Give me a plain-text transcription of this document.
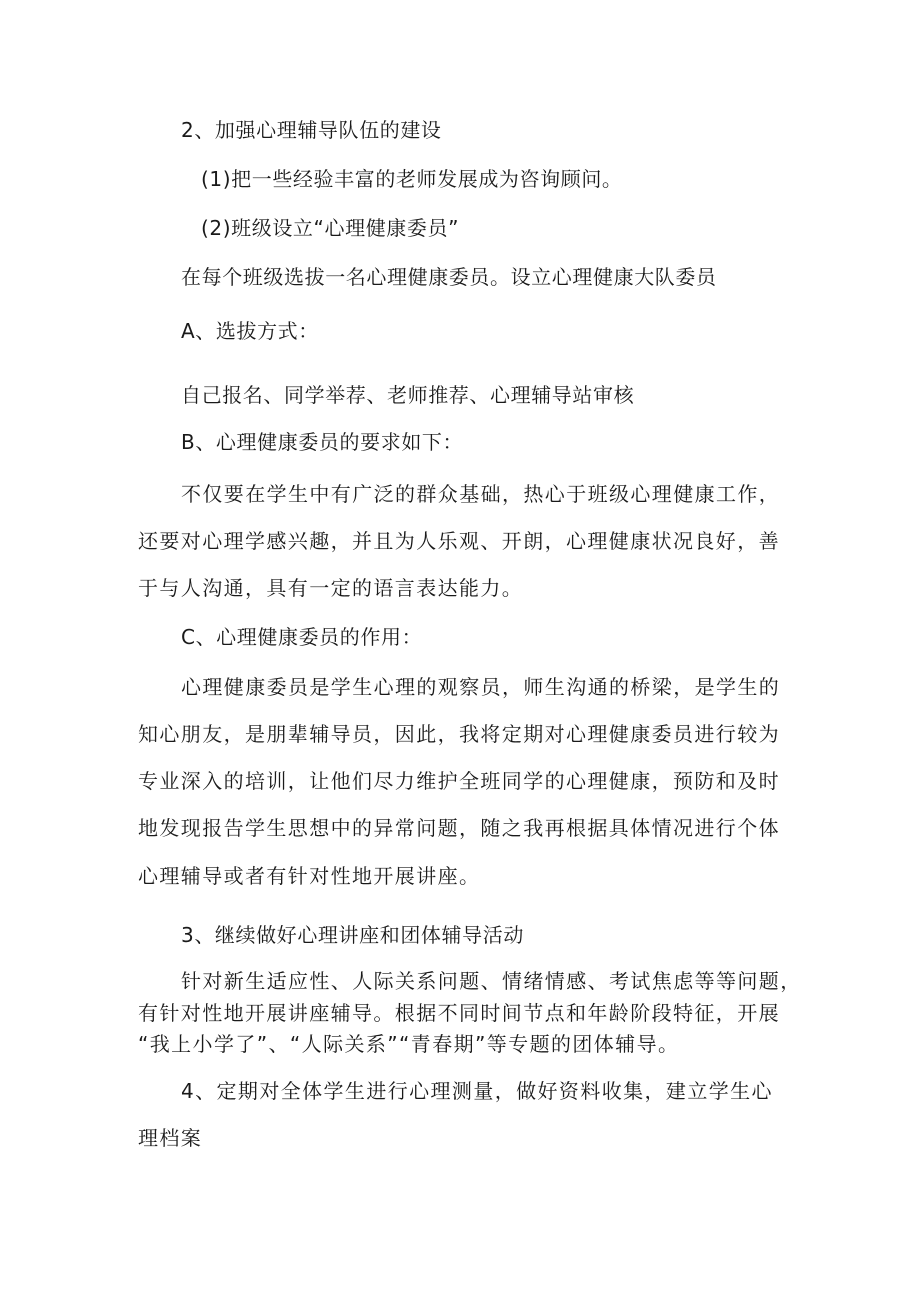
2、加强心理辅导队伍的建设

(1)把一些经验丰富的老师发展成为咨询顾问。

(2)班级设立“心理健康委员”

在每个班级选拔一名心理健康委员。设立心理健康大队委员

A、选拔方式：

自己报名、同学举荐、老师推荐、心理辅导站审核

B、心理健康委员的要求如下：

不仅要在学生中有广泛的群众基础，热心于班级心理健康工作，

还要对心理学感兴趣，并且为人乐观、开朗，心理健康状况良好，善

于与人沟通，具有一定的语言表达能力。

C、心理健康委员的作用：

心理健康委员是学生心理的观察员，师生沟通的桥梁，是学生的

知心朋友，是朋辈辅导员，因此，我将定期对心理健康委员进行较为

专业深入的培训，让他们尽力维护全班同学的心理健康，预防和及时

地发现报告学生思想中的异常问题，随之我再根据具体情况进行个体

心理辅导或者有针对性地开展讲座。

3、继续做好心理讲座和团体辅导活动

针对新生适应性、人际关系问题、情绪情感、考试焦虑等等问题，

有针对性地开展讲座辅导。根据不同时间节点和年龄阶段特征，开展

“我上小学了”、“人际关系”“青春期”等专题的团体辅导。

4、定期对全体学生进行心理测量，做好资料收集，建立学生心

理档案
